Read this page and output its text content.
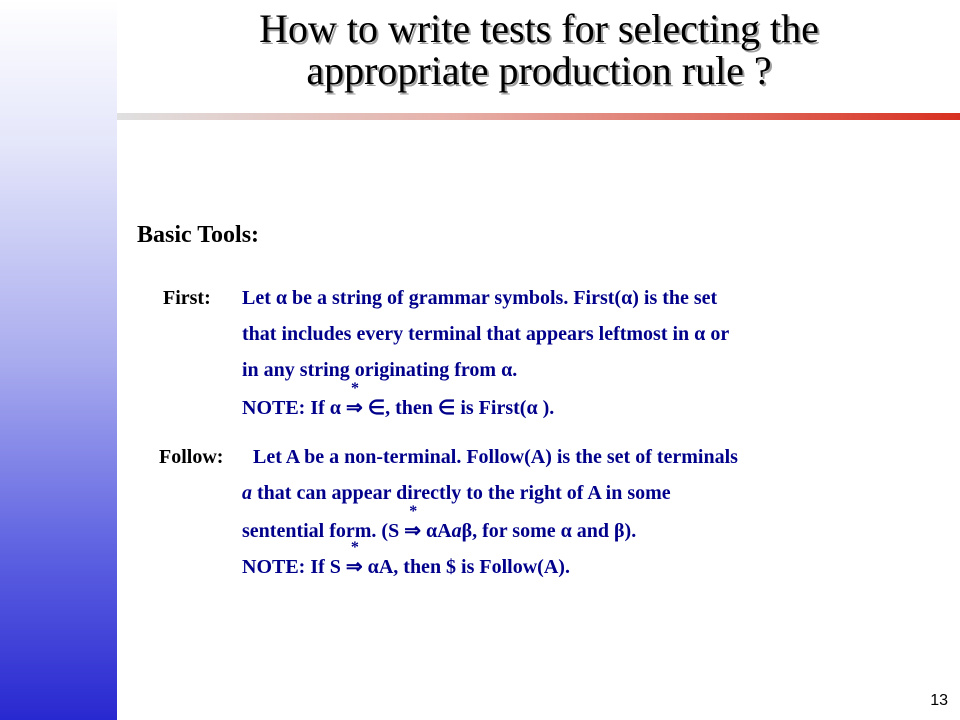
How to write tests for selecting the
appropriate production rule ?
Basic Tools:
First: Let α be a string of grammar symbols. First(α) is the set
that includes every terminal that appears leftmost in α or
in any string originating from α.
NOTE: If α ⇒
*
∈, then ∈ is First(α ).
Follow: Let A be a non-terminal. Follow(A) is the set of terminals
a that can appear directly to the right of A in some
sentential form. (S ⇒
*
αAaβ, for some α and β).
NOTE: If S ⇒
*
αA, then $ is Follow(A).
13
